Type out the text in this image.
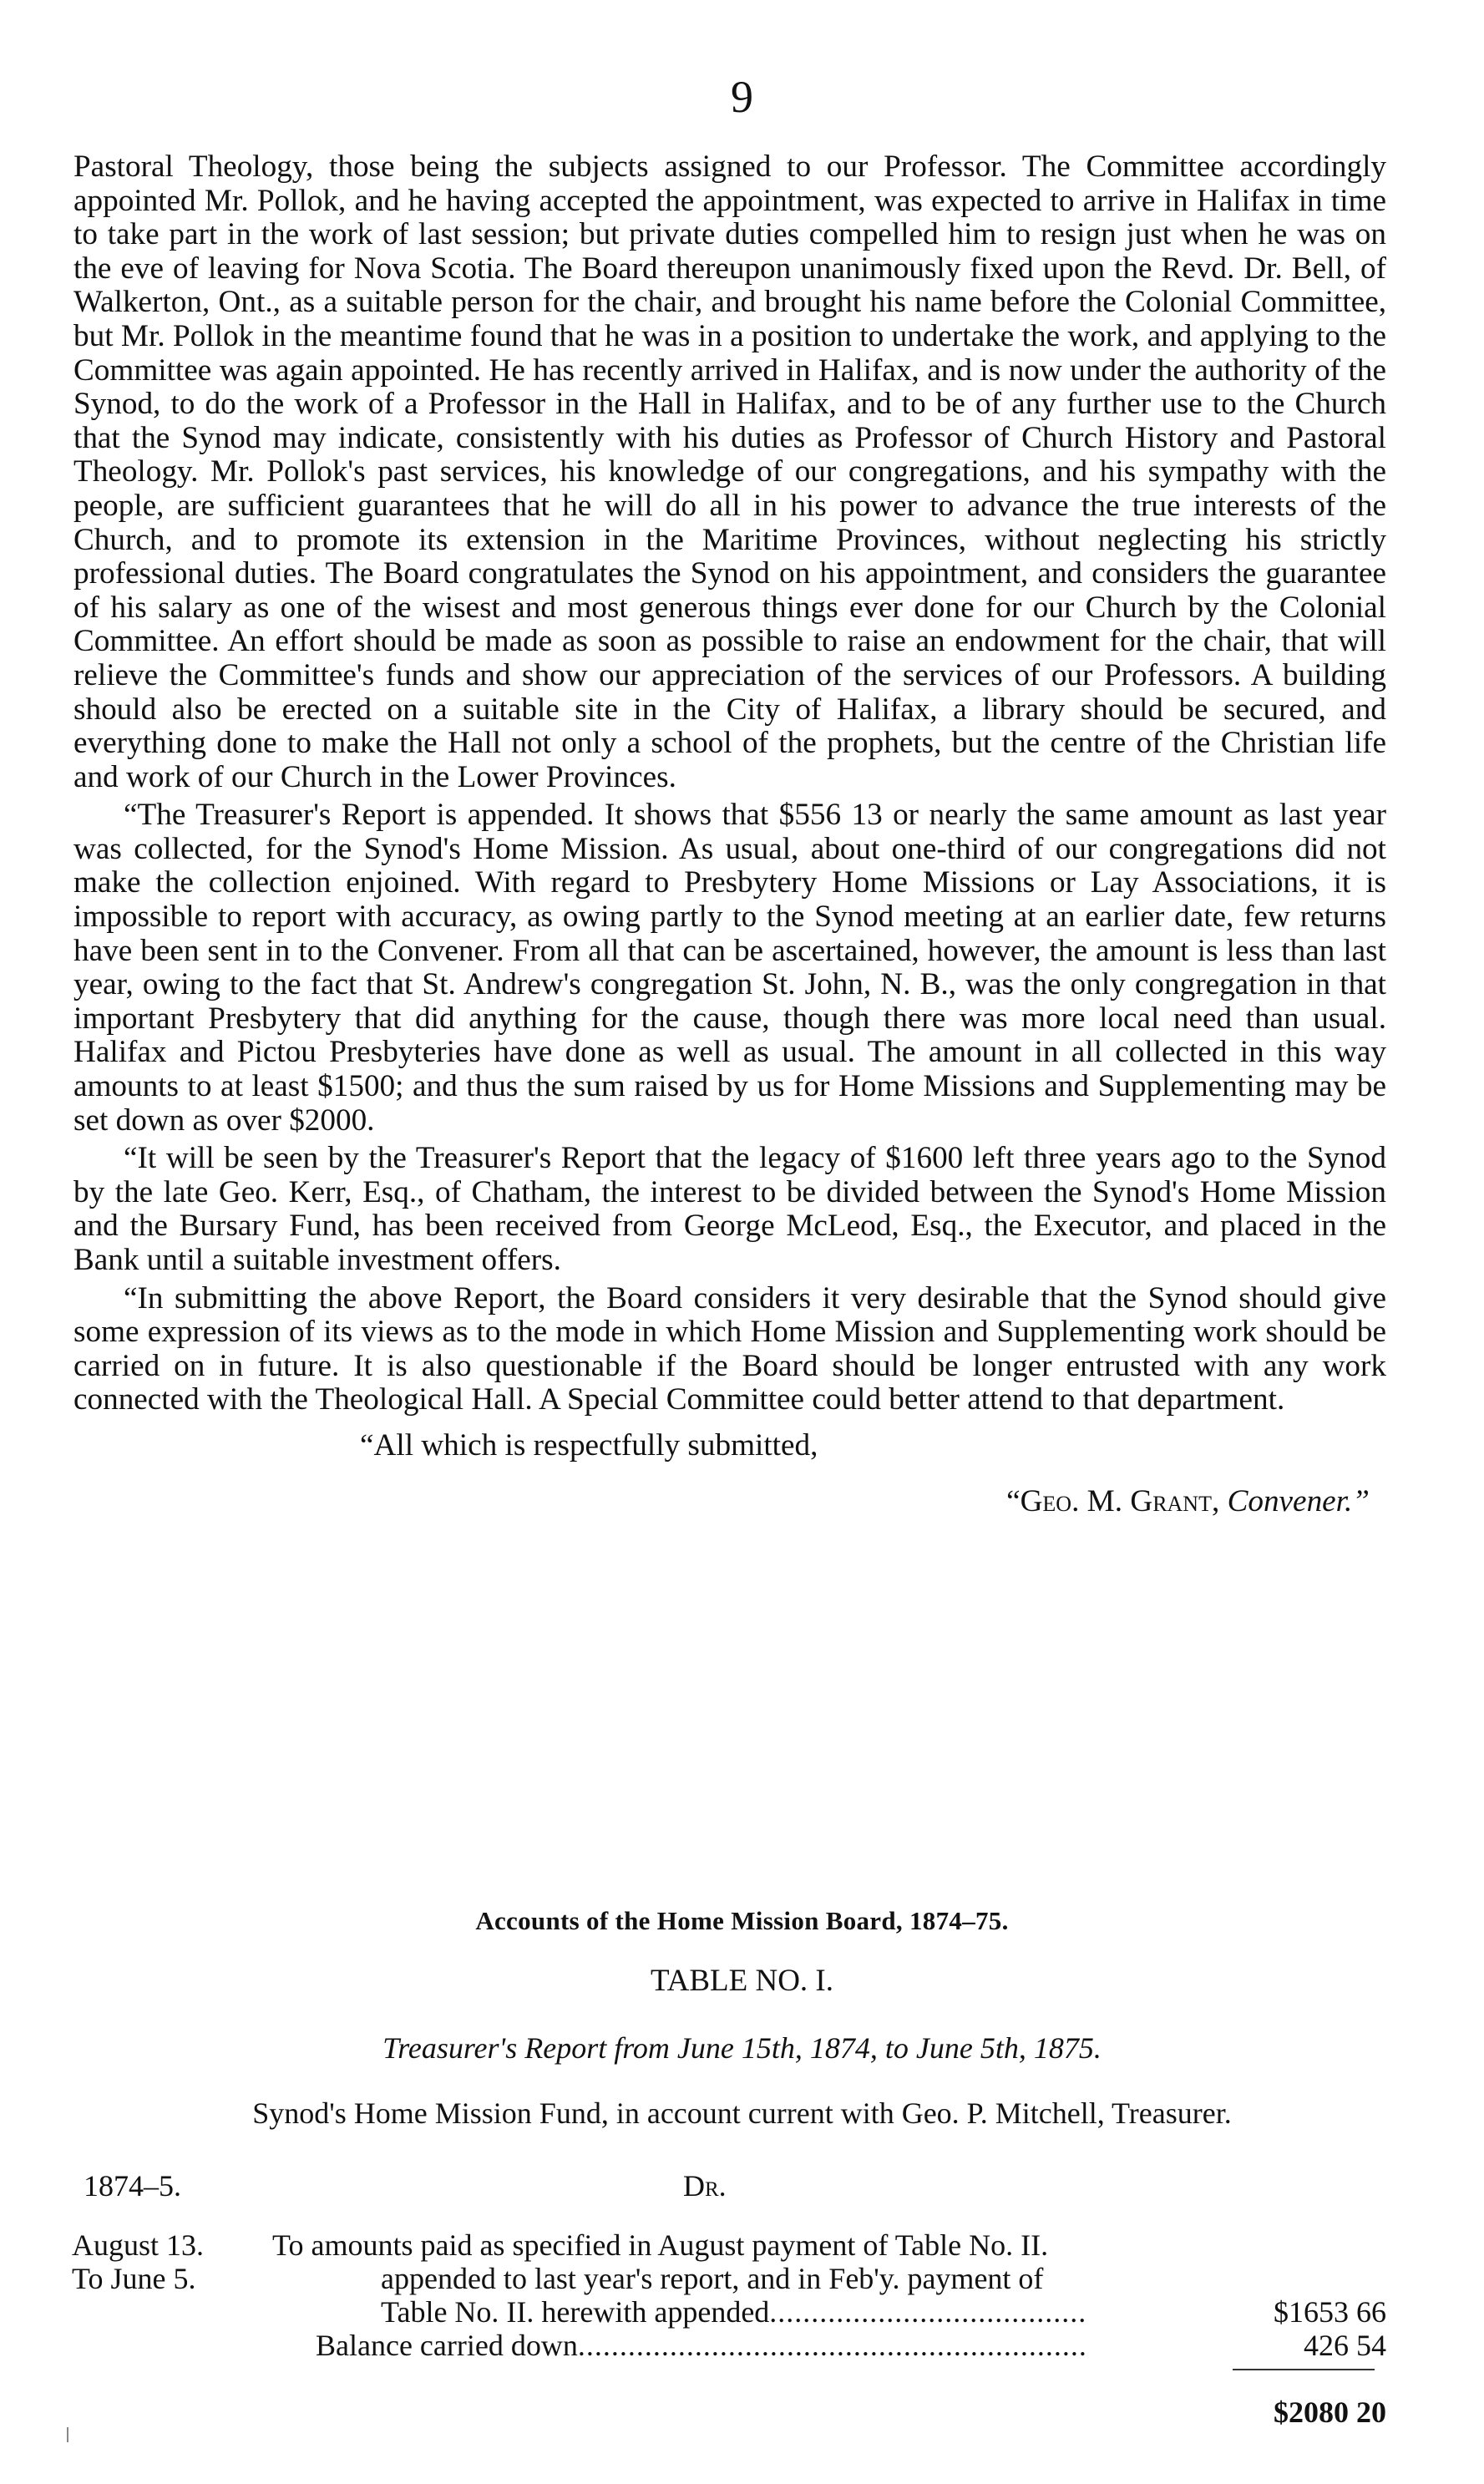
9

Pastoral Theology, those being the subjects assigned to our Professor. The Committee accordingly appointed Mr. Pollok, and he having accepted the appointment, was expected to arrive in Halifax in time to take part in the work of last session; but private duties compelled him to resign just when he was on the eve of leaving for Nova Scotia. The Board thereupon unanimously fixed upon the Revd. Dr. Bell, of Walkerton, Ont., as a suitable person for the chair, and brought his name before the Colonial Committee, but Mr. Pollok in the meantime found that he was in a position to undertake the work, and applying to the Committee was again appointed. He has recently arrived in Halifax, and is now under the authority of the Synod, to do the work of a Professor in the Hall in Halifax, and to be of any further use to the Church that the Synod may indicate, consistently with his duties as Professor of Church History and Pastoral Theology. Mr. Pollok's past services, his knowledge of our congregations, and his sympathy with the people, are sufficient guarantees that he will do all in his power to advance the true interests of the Church, and to promote its extension in the Maritime Provinces, without neglecting his strictly professional duties. The Board congratulates the Synod on his appointment, and considers the guarantee of his salary as one of the wisest and most generous things ever done for our Church by the Colonial Committee. An effort should be made as soon as possible to raise an endowment for the chair, that will relieve the Committee's funds and show our appreciation of the services of our Professors. A building should also be erected on a suitable site in the City of Halifax, a library should be secured, and everything done to make the Hall not only a school of the prophets, but the centre of the Christian life and work of our Church in the Lower Provinces.

“The Treasurer's Report is appended. It shows that $556 13 or nearly the same amount as last year was collected, for the Synod's Home Mission. As usual, about one-third of our congregations did not make the collection enjoined. With regard to Presbytery Home Missions or Lay Associations, it is impossible to report with accuracy, as owing partly to the Synod meeting at an earlier date, few returns have been sent in to the Convener. From all that can be ascertained, however, the amount is less than last year, owing to the fact that St. Andrew's congregation St. John, N. B., was the only congregation in that important Presbytery that did anything for the cause, though there was more local need than usual. Halifax and Pictou Presbyteries have done as well as usual. The amount in all collected in this way amounts to at least $1500; and thus the sum raised by us for Home Missions and Supplementing may be set down as over $2000.

“It will be seen by the Treasurer's Report that the legacy of $1600 left three years ago to the Synod by the late Geo. Kerr, Esq., of Chatham, the interest to be divided between the Synod's Home Mission and the Bursary Fund, has been received from George McLeod, Esq., the Executor, and placed in the Bank until a suitable investment offers.

“In submitting the above Report, the Board considers it very desirable that the Synod should give some expression of its views as to the mode in which Home Mission and Supplementing work should be carried on in future. It is also questionable if the Board should be longer entrusted with any work connected with the Theological Hall. A Special Committee could better attend to that department.

“All which is respectfully submitted,
“Geo. M. Grant, Convener.”
Accounts of the Home Mission Board, 1874–75.
TABLE NO. I.
Treasurer's Report from June 15th, 1874, to June 5th, 1875.
Synod's Home Mission Fund, in account current with Geo. P. Mitchell, Treasurer.
1874–5.	Dr.
August 13.
To June 5.
To amounts paid as specified in August payment of Table No. II.
appended to last year's report, and in Feb'y. payment of
Table No. II. herewith appended......................................
Balance carried down.............................................................
$1653 66
426 54
$2080 20
